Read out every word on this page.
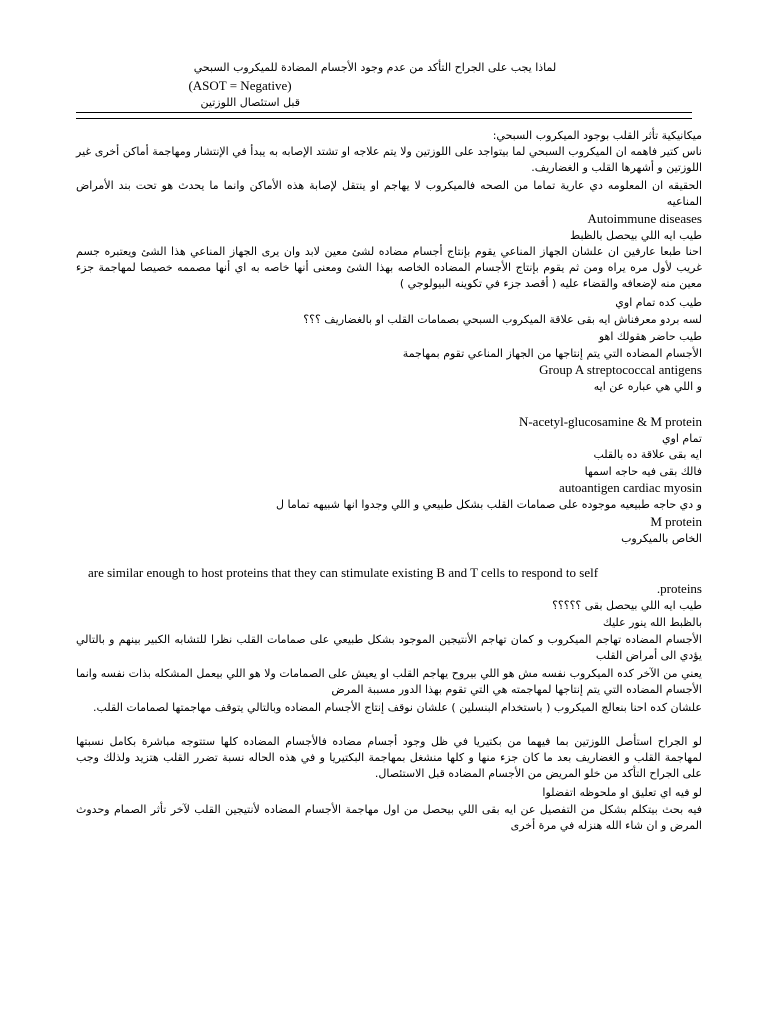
لماذا يجب على الجراح التأكد من عدم وجود الأجسام المضادة للميكروب السبحي
(ASOT = Negative)
قبل استئصال اللوزتين
ميكانيكية تأثر القلب بوجود الميكروب السبحي:
ناس كتير فاهمه ان الميكروب السبحي لما بيتواجد على اللوزتين ولا يتم علاجه او تشتد الإصابه به يبدأ في الإنتشار ومهاجمة أماكن أخرى غير اللوزتين و أشهرها القلب و الغضاريف.
الحقيقه ان المعلومه دي عارية تماما من الصحه فالميكروب لا يهاجم او ينتقل لإصابة هذه الأماكن وانما ما يحدث هو تحت بند الأمراض المناعيه
Autoimmune diseases
طيب ايه اللي بيحصل بالظبط
احنا طبعا عارفين ان علشان الجهاز المناعي يقوم بإنتاج أجسام مضاده لشئ معين لابد وان يرى الجهاز المناعي هذا الشئ ويعتبره جسم غريب لأول مره يراه ومن ثم يقوم بإنتاج الأجسام المضاده الخاصه بهذا الشئ ومعنى أنها خاصه به اي أنها مصممه خصيصا لمهاجمة جزء معين منه لإضعافه والقضاء عليه ( أقصد جزء في تكوينه البيولوجي )
طيب كده تمام اوي
لسه بردو معرفناش ايه بقى علاقة الميكروب السبحي بصمامات القلب او بالغضاريف ؟؟؟
طيب حاضر هقولك اهو
الأجسام المضاده التي يتم إنتاجها من الجهاز المناعي تقوم بمهاجمة
Group A streptococcal antigens
و اللي هي عباره عن ايه
N-acetyl-glucosamine & M protein
تمام اوي
ايه بقى علاقة ده بالقلب
فالك بقى فيه حاجه اسمها
autoantigen cardiac myosin
و دي حاجه طبيعيه موجوده على صمامات القلب بشكل طبيعي و اللي وجدوا انها شبيهه تماما ل
M protein
الخاص بالميكروب
are similar enough to host proteins that they can stimulate existing B and T cells to respond to self
.proteins
طيب ايه اللي بيحصل بقى ؟؟؟؟؟
بالظبط الله ينور عليك
الأجسام المضاده تهاجم الميكروب و كمان تهاجم الأنتيجين الموجود بشكل طبيعي على صمامات القلب نظرا للتشابه الكبير بينهم و بالتالي يؤدي الى أمراض القلب
يعني من الآخر كده الميكروب نفسه مش هو اللي بيروح يهاجم القلب او يعيش على الصمامات ولا هو اللي بيعمل المشكله بذات نفسه وانما الأجسام المضاده التي يتم إنتاجها لمهاجمته هي التي تقوم بهذا الدور مسببة المرض
علشان كده احنا بنعالج الميكروب ( باستخدام البنسلين ) علشان نوقف إنتاج الأجسام المضاده وبالتالي يتوقف مهاجمتها لصمامات القلب.
لو الجراح استأصل اللوزتين بما فيهما من بكتيريا في ظل وجود أجسام مضاده فالأجسام المضاده كلها ستتوجه مباشرة بكامل نسبتها لمهاجمة القلب و الغضاريف بعد ما كان جزء منها و كلها منشغل بمهاجمة البكتيريا و في هذه الحاله نسبة تضرر القلب هتزيد ولذلك وجب على الجراح التأكد من خلو المريض من الأجسام المضاده قبل الاستئصال.
لو فيه اي تعليق او ملحوظه اتفضلوا
فيه بحث بيتكلم بشكل من التفصيل عن ايه بقى اللي بيحصل من اول مهاجمة الأجسام المضاده لأنتيجين القلب لآخر تأثر الصمام وحدوث المرض و ان شاء الله هنزله في مرة أخرى
